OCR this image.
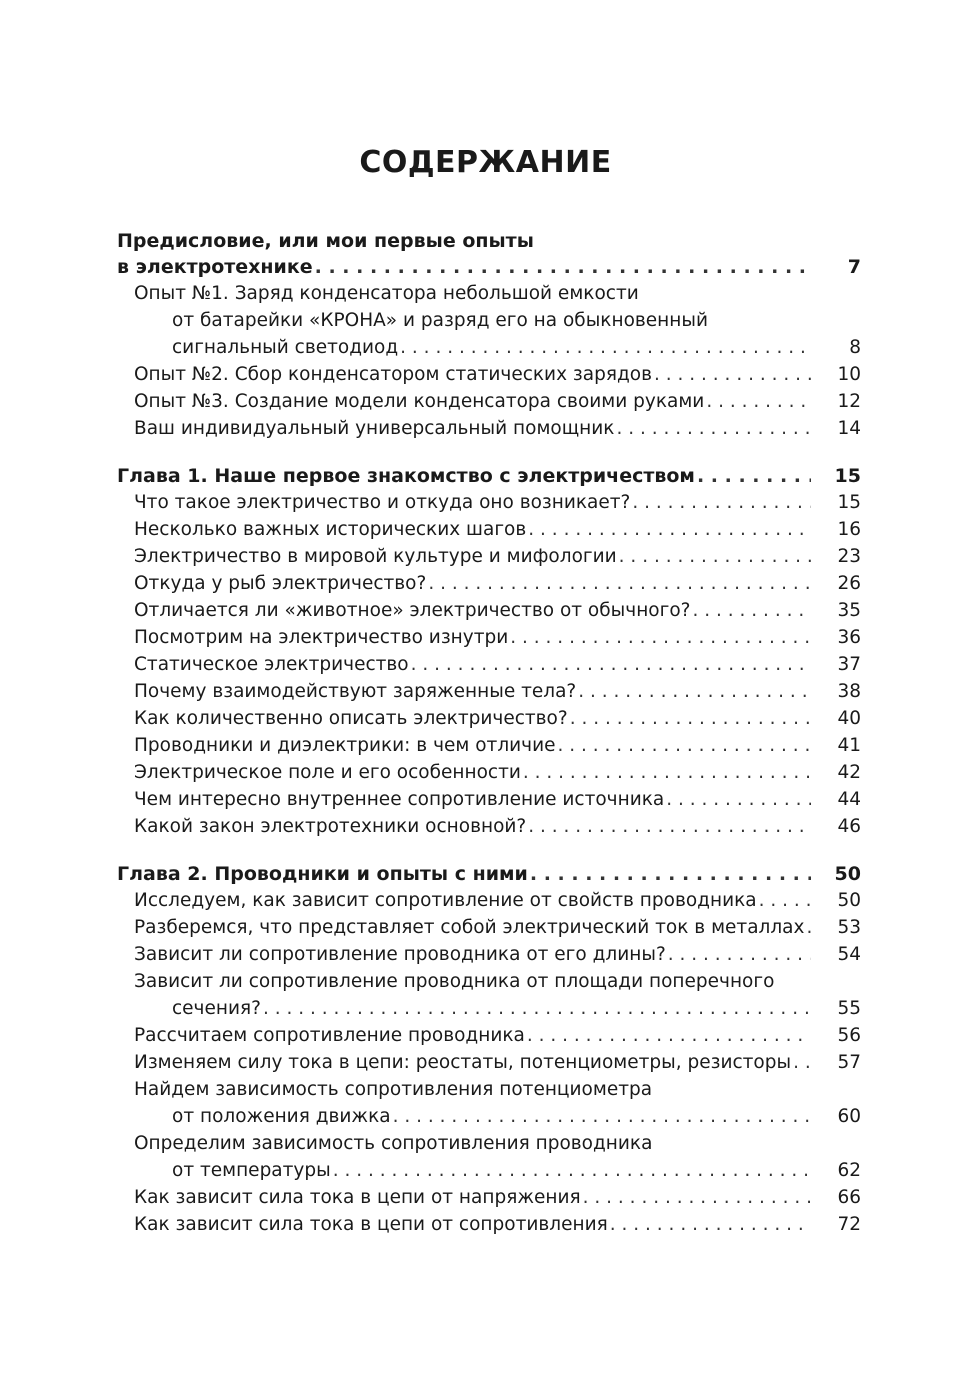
СОДЕРЖАНИЕ
Предисловие, или мои первые опыты
в электротехнике . . .	7
Опыт №1. Заряд конденсатора небольшой емкости
от батарейки «КРОНА» и разряд его на обыкновенный
сигнальный светодиод . . .	8
Опыт №2. Сбор конденсатором статических зарядов . . .	10
Опыт №3. Создание модели конденсатора своими руками . . .	12
Ваш индивидуальный универсальный помощник . . .	14
Глава 1. Наше первое знакомство с электричеством . . .	15
Что такое электричество и откуда оно возникает? . . .	15
Несколько важных исторических шагов . . .	16
Электричество в мировой культуре и мифологии . . .	23
Откуда у рыб электричество? . . .	26
Отличается ли «животное» электричество от обычного? . . .	35
Посмотрим на электричество изнутри . . .	36
Статическое электричество . . .	37
Почему взаимодействуют заряженные тела? . . .	38
Как количественно описать электричество? . . .	40
Проводники и диэлектрики: в чем отличие . . .	41
Электрическое поле и его особенности . . .	42
Чем интересно внутреннее сопротивление источника . . .	44
Какой закон электротехники основной? . . .	46
Глава 2. Проводники и опыты с ними . . .	50
Исследуем, как зависит сопротивление от свойств проводника . . .	50
Разберемся, что представляет собой электрический ток в металлах . . .	53
Зависит ли сопротивление проводника от его длины? . . .	54
Зависит ли сопротивление проводника от площади поперечного
сечения? . . .	55
Рассчитаем сопротивление проводника . . .	56
Изменяем силу тока в цепи: реостаты, потенциометры, резисторы . . .	57
Найдем зависимость сопротивления потенциометра
от положения движка . . .	60
Определим зависимость сопротивления проводника
от температуры . . .	62
Как зависит сила тока в цепи от напряжения . . .	66
Как зависит сила тока в цепи от сопротивления . . .	72
